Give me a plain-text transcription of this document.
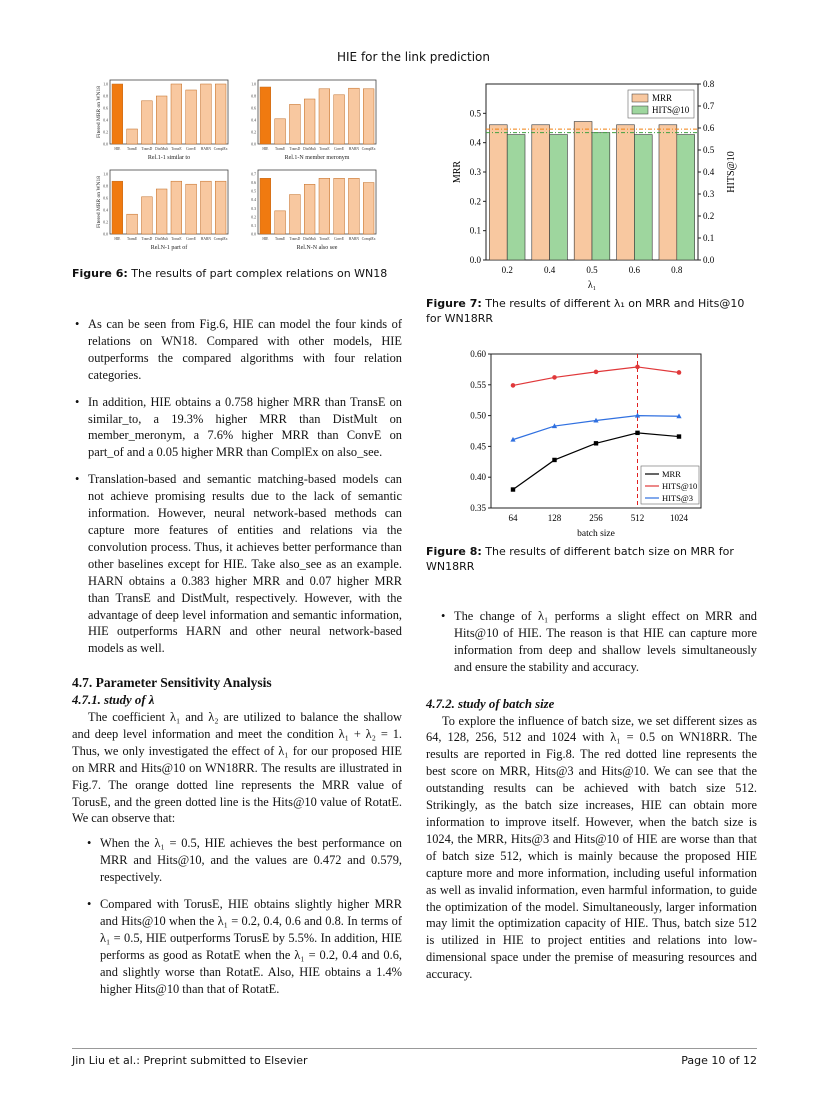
HIE for the link prediction
0.0
0.2
0.4
0.6
0.8
1.0
HIE TransE TransD DistMult TorusE ConvE HARN ComplEx
Rel.1-1 similar to
Fitered MRR on WN18
0.0
0.2
0.4
0.6
0.8
1.0
HIE TransE TransD DistMult TorusE ConvE HARN ComplEx
Rel.1-N member meronym
0.0
0.2
0.4
0.6
0.8
1.0
HIE TransE TransD DistMult TorusE ConvE HARN ComplEx
Rel.N-1 part of
Fitered MRR on WN18
0.0
0.1
0.2
0.3
0.4
0.5
0.6
0.7
HIE TransE TransD DistMult TorusE ConvE HARN ComplEx
Rel.N-N also see
Figure 6: The results of part complex relations on WN18
0.0
0.1
0.2
0.3
0.4
0.5
0.0
0.1
0.2
0.3
0.4
0.5
0.6
0.7
0.8
0.2	0.4	0.5	0.6	0.8
MRR
HITS@10
λ₁
MRR	HITS@10
Figure 7: The results of different λ₁ on MRR and Hits@10 for WN18RR
0.35
0.40
0.45
0.50
0.55
0.60
64	128	256	512	1024
MRR
HITS@10
HITS@3
batch size
Figure 8: The results of different batch size on MRR for WN18RR
• As can be seen from Fig.6, HIE can model the four kinds of relations on WN18. Compared with other models, HIE outperforms the compared algorithms with four relation categories.
• In addition, HIE obtains a 0.758 higher MRR than TransE on similar_to, a 19.3% higher MRR than DistMult on member_meronym, a 7.6% higher MRR than ConvE on part_of and a 0.05 higher MRR than ComplEx on also_see.
• Translation-based and semantic matching-based models can not achieve promising results due to the lack of semantic information. However, neural network-based methods can capture more features of entities and relations via the convolution process. Thus, it achieves better performance than other baselines except for HIE. Take also_see as an example. HARN obtains a 0.383 higher MRR and 0.07 higher MRR than TransE and DistMult, respectively. However, with the advantage of deep level information and semantic information, HIE outperforms HARN and other neural network-based models as well.

4.7. Parameter Sensitivity Analysis

4.7.1. study of λ

The coefficient λ₁ and λ₂ are utilized to balance the shallow and deep level information and meet the condition λ₁ + λ₂ = 1. Thus, we only investigated the effect of λ₁ for our proposed HIE on MRR and Hits@10 on WN18RR. The results are illustrated in Fig.7. The orange dotted line represents the MRR value of TorusE, and the green dotted line is the Hits@10 value of RotatE. We can observe that:

• When the λ₁ = 0.5, HIE achieves the best performance on MRR and Hits@10, and the values are 0.472 and 0.579, respectively.
• Compared with TorusE, HIE obtains slightly higher MRR and Hits@10 when the λ₁ = 0.2, 0.4, 0.6 and 0.8. In terms of λ₁ = 0.5, HIE outperforms TorusE by 5.5%. In addition, HIE performs as good as RotatE when the λ₁ = 0.2, 0.4 and 0.6, and slightly worse than RotatE. Also, HIE obtains a 1.4% higher Hits@10 than that of RotatE.
• The change of λ₁ performs a slight effect on MRR and Hits@10 of HIE. The reason is that HIE can capture more information from deep and shallow levels simultaneously and ensure the stability and accuracy.

4.7.2. study of batch size

To explore the influence of batch size, we set different sizes as 64, 128, 256, 512 and 1024 with λ₁ = 0.5 on WN18RR. The results are reported in Fig.8. The red dotted line represents the best score on MRR, Hits@3 and Hits@10. We can see that the outstanding results can be achieved with batch size 512. Strikingly, as the batch size increases, HIE can obtain more information to improve itself. However, when the batch size is 1024, the MRR, Hits@3 and Hits@10 of HIE are worse than that of batch size 512, which is mainly because the proposed HIE capture more and more information, including useful information as well as invalid information, even harmful information, to guide the optimization of the model. Simultaneously, larger information may limit the optimization capacity of HIE. Thus, batch size 512 is utilized in HIE to project entities and relations into low-dimensional space under the premise of measuring resources and accuracy.

Jin Liu et al.: Preprint submitted to Elsevier	Page 10 of 12
